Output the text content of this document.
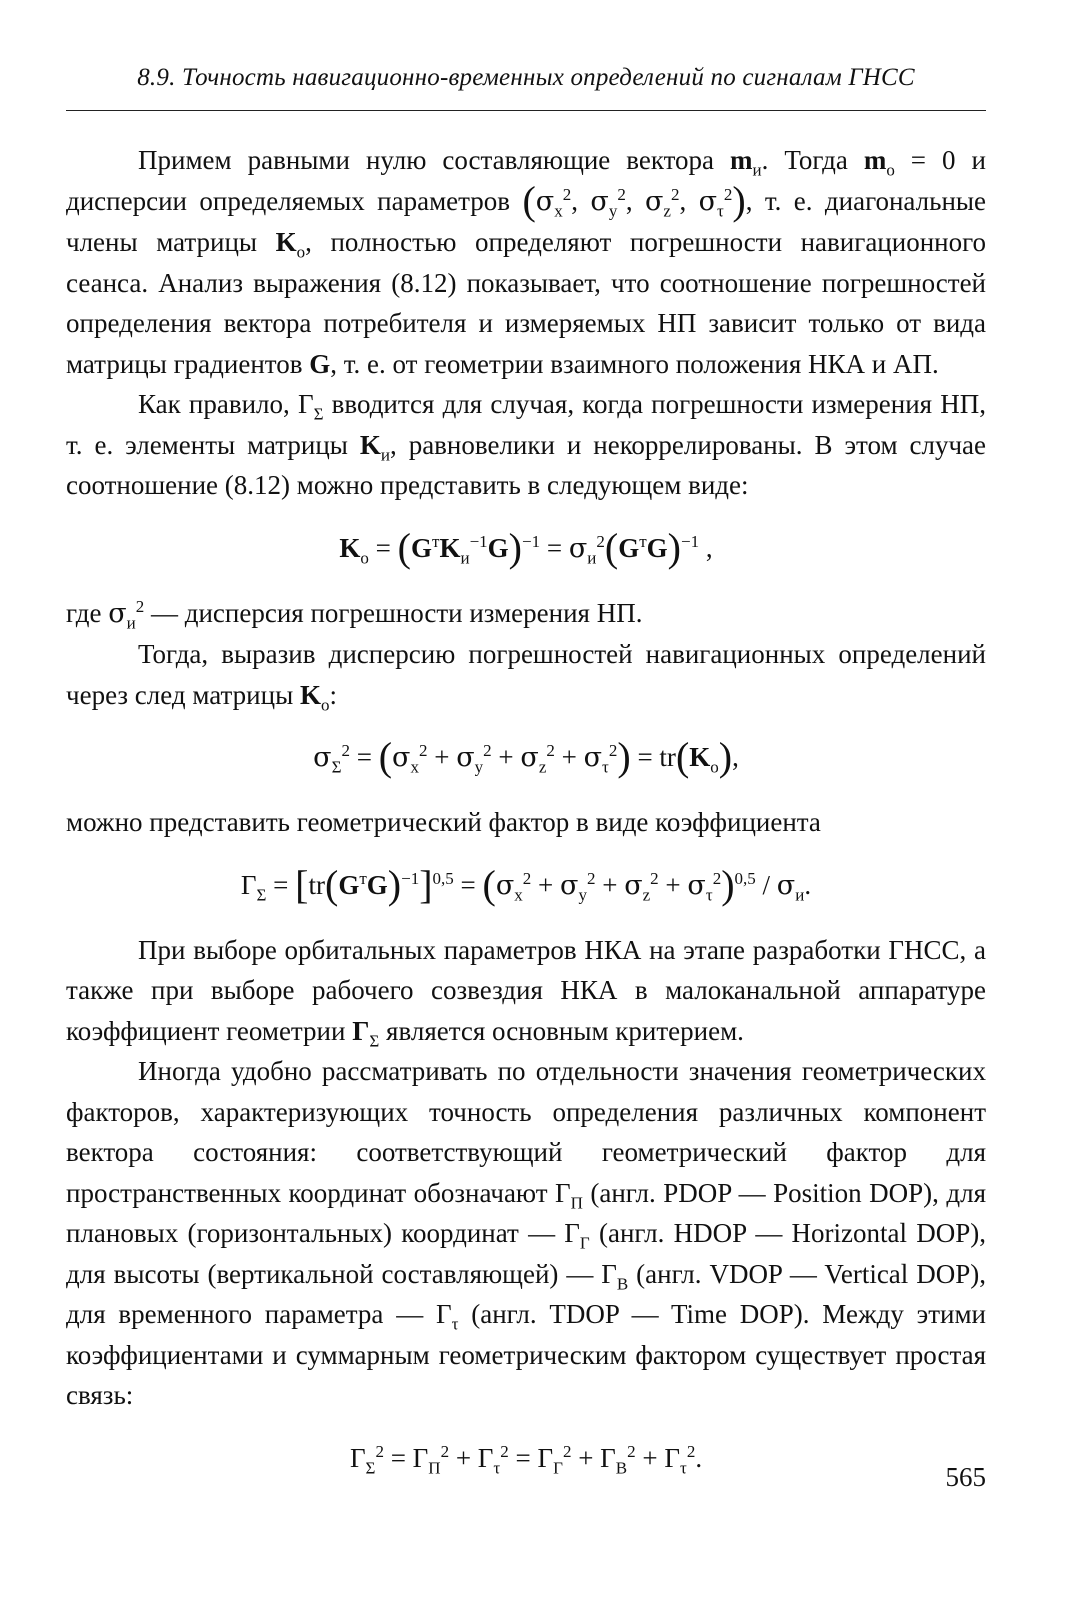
8.9. Точность навигационно-временных определений по сигналам ГНСС

Примем равными нулю составляющие вектора $m_и$. Тогда $m_о = 0$ и дисперсии определяемых параметров ($\sigma_x^2$, $\sigma_y^2$, $\sigma_z^2$, $\sigma_\tau^2$), т. е. диагональные члены матрицы $K_о$, полностью определяют погрешности навигационного сеанса. Анализ выражения (8.12) показывает, что соотношение погрешностей определения вектора потребителя и измеряемых НП зависит только от вида матрицы градиентов G, т. е. от геометрии взаимного положения НКА и АП.

Как правило, $Г_\Sigma$ вводится для случая, когда погрешности измерения НП, т. е. элементы матрицы $K_и$, равновелики и некоррелированы. В этом случае соотношение (8.12) можно представить в следующем виде:

$K_о = (G^тK_и^{-1}G)^{-1} = \sigma_и^2(G^тG)^{-1}$ ,

где $\sigma_и^2$ — дисперсия погрешности измерения НП.

Тогда, выразив дисперсию погрешностей навигационных определений через след матрицы $K_о$:

$\sigma_\Sigma^2 = (\sigma_x^2 + \sigma_y^2 + \sigma_z^2 + \sigma_\tau^2) = tr(K_о)$,

можно представить геометрический фактор в виде коэффициента

$Г_\Sigma = [tr(G^тG)^{-1}]^{0,5} = (\sigma_x^2 + \sigma_y^2 + \sigma_z^2 + \sigma_\tau^2)^{0,5} / \sigma_и$.

При выборе орбитальных параметров НКА на этапе разработки ГНСС, а также при выборе рабочего созвездия НКА в малоканальной аппаратуре коэффициент геометрии $Г_\Sigma$ является основным критерием.

Иногда удобно рассматривать по отдельности значения геометрических факторов, характеризующих точность определения различных компонент вектора состояния: соответствующий геометрический фактор для пространственных координат обозначают $Г_П$ (англ. PDOP — Position DOP), для плановых (горизонтальных) координат — $Г_Г$ (англ. HDOP — Horizontal DOP), для высоты (вертикальной составляющей) — $Г_В$ (англ. VDOP — Vertical DOP), для временного параметра — $Г_\tau$ (англ. TDOP — Time DOP). Между этими коэффициентами и суммарным геометрическим фактором существует простая связь:

$Г_\Sigma^2 = Г_П^2 + Г_\tau^2 = Г_Г^2 + Г_В^2 + Г_\tau^2$.
565
